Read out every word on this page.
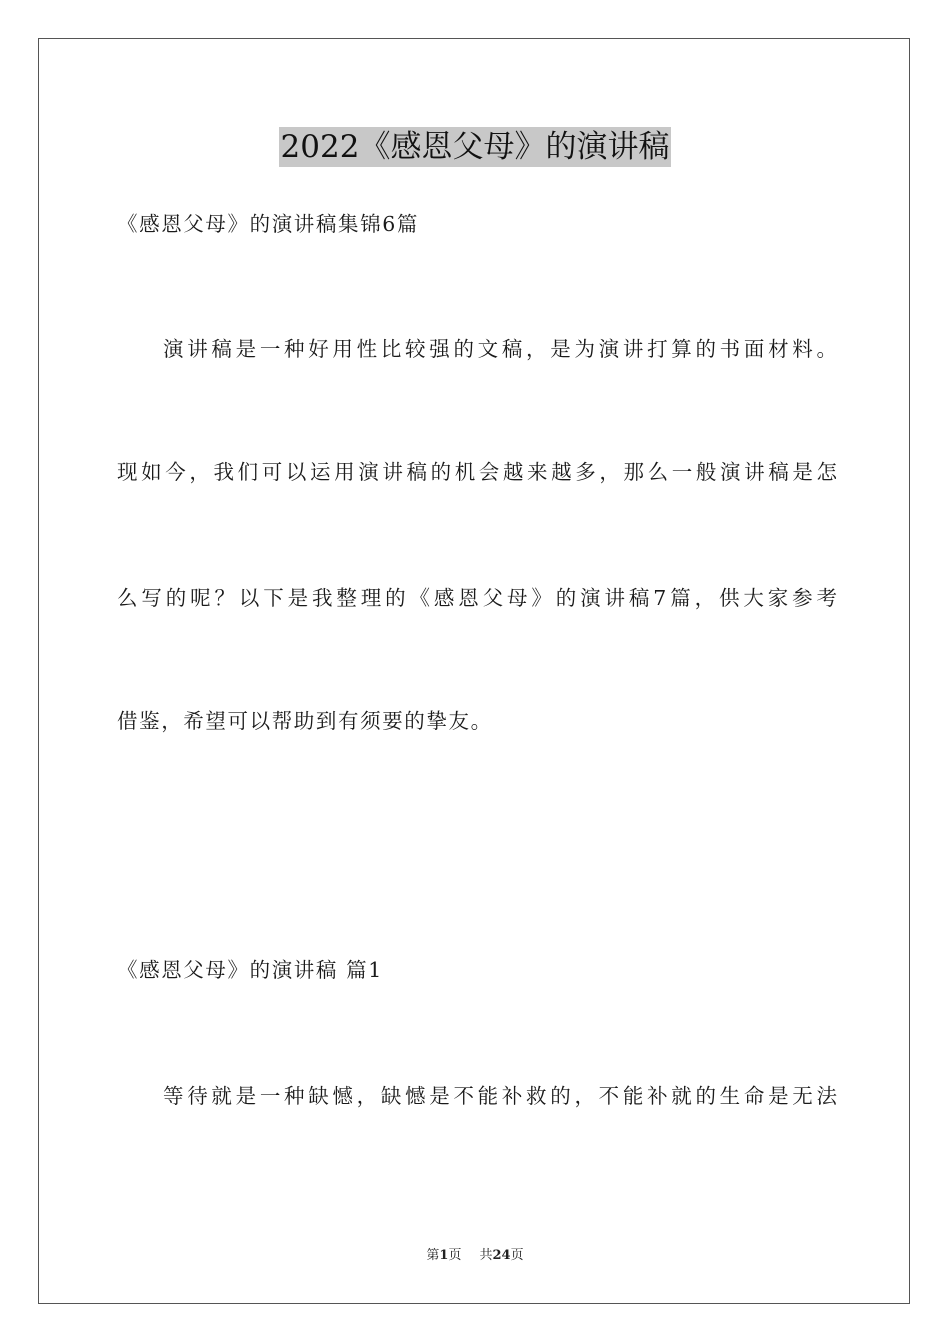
2022《感恩父母》的演讲稿
《感恩父母》的演讲稿集锦6篇
演讲稿是一种好用性比较强的文稿，是为演讲打算的书面材料。
现如今，我们可以运用演讲稿的机会越来越多，那么一般演讲稿是怎
么写的呢？以下是我整理的《感恩父母》的演讲稿7篇，供大家参考
借鉴，希望可以帮助到有须要的挚友。
《感恩父母》的演讲稿 篇1
等待就是一种缺憾，缺憾是不能补救的，不能补就的生命是无法
第1页 共24页
